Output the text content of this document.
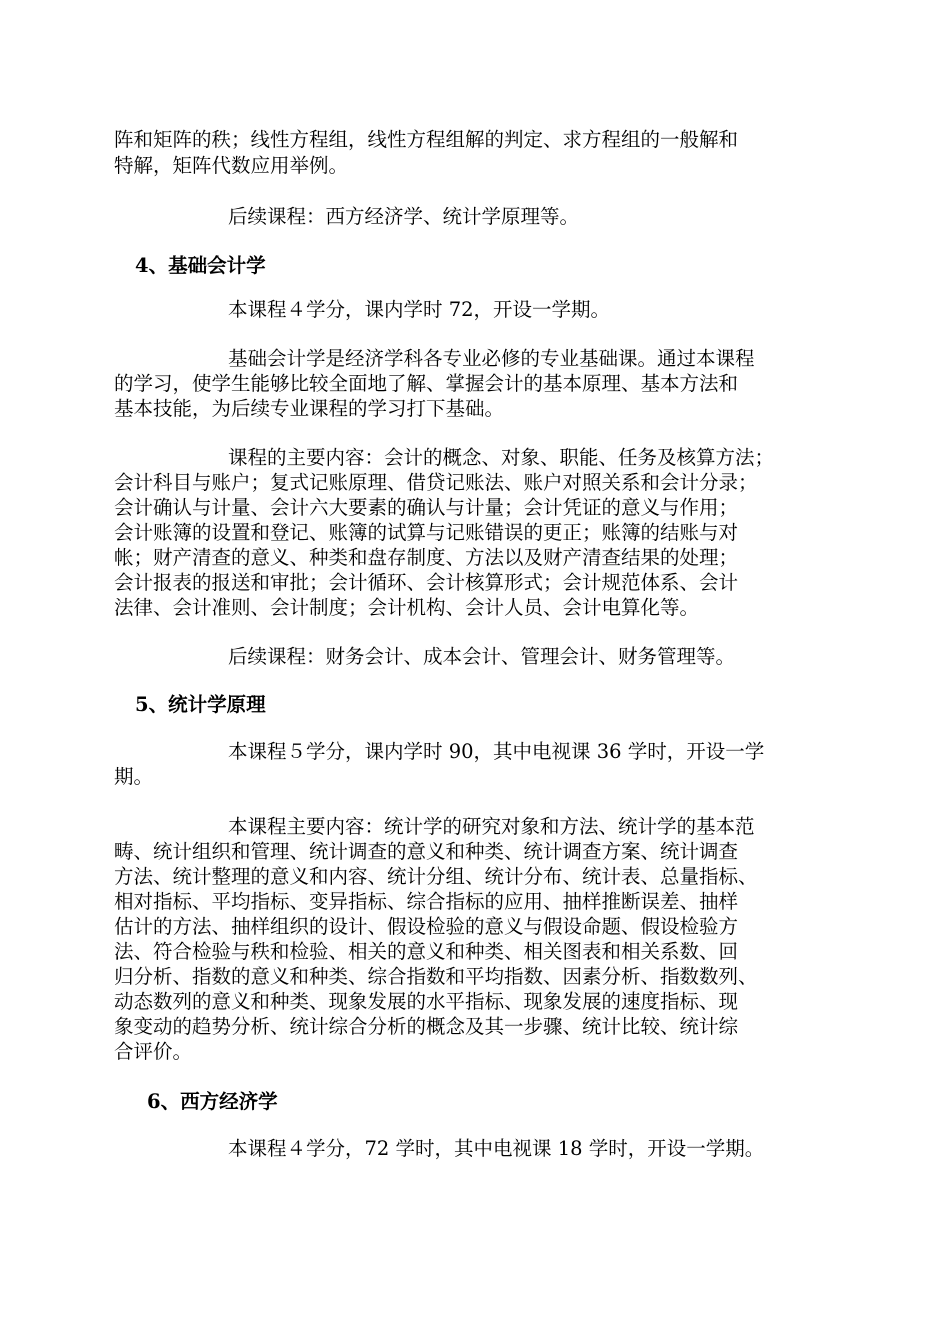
阵和矩阵的秩；线性方程组，线性方程组解的判定、求方程组的一般解和
特解，矩阵代数应用举例。
后续课程：西方经济学、统计学原理等。
4、基础会计学
本课程４学分，课内学时 72，开设一学期。
基础会计学是经济学科各专业必修的专业基础课。通过本课程
的学习，使学生能够比较全面地了解、掌握会计的基本原理、基本方法和
基本技能，为后续专业课程的学习打下基础。
课程的主要内容：会计的概念、对象、职能、任务及核算方法；
会计科目与账户；复式记账原理、借贷记账法、账户对照关系和会计分录；
会计确认与计量、会计六大要素的确认与计量；会计凭证的意义与作用；
会计账簿的设置和登记、账簿的试算与记账错误的更正；账簿的结账与对
帐；财产清查的意义、种类和盘存制度、方法以及财产清查结果的处理；
会计报表的报送和审批；会计循环、会计核算形式；会计规范体系、会计
法律、会计准则、会计制度；会计机构、会计人员、会计电算化等。
后续课程：财务会计、成本会计、管理会计、财务管理等。
5、统计学原理
本课程５学分，课内学时 90，其中电视课 36 学时，开设一学
期。
本课程主要内容：统计学的研究对象和方法、统计学的基本范
畴、统计组织和管理、统计调查的意义和种类、统计调查方案、统计调查
方法、统计整理的意义和内容、统计分组、统计分布、统计表、总量指标、
相对指标、平均指标、变异指标、综合指标的应用、抽样推断误差、抽样
估计的方法、抽样组织的设计、假设检验的意义与假设命题、假设检验方
法、符合检验与秩和检验、相关的意义和种类、相关图表和相关系数、回
归分析、指数的意义和种类、综合指数和平均指数、因素分析、指数数列、
动态数列的意义和种类、现象发展的水平指标、现象发展的速度指标、现
象变动的趋势分析、统计综合分析的概念及其一步骤、统计比较、统计综
合评价。
6、西方经济学
本课程４学分，72 学时，其中电视课 18 学时，开设一学期。
